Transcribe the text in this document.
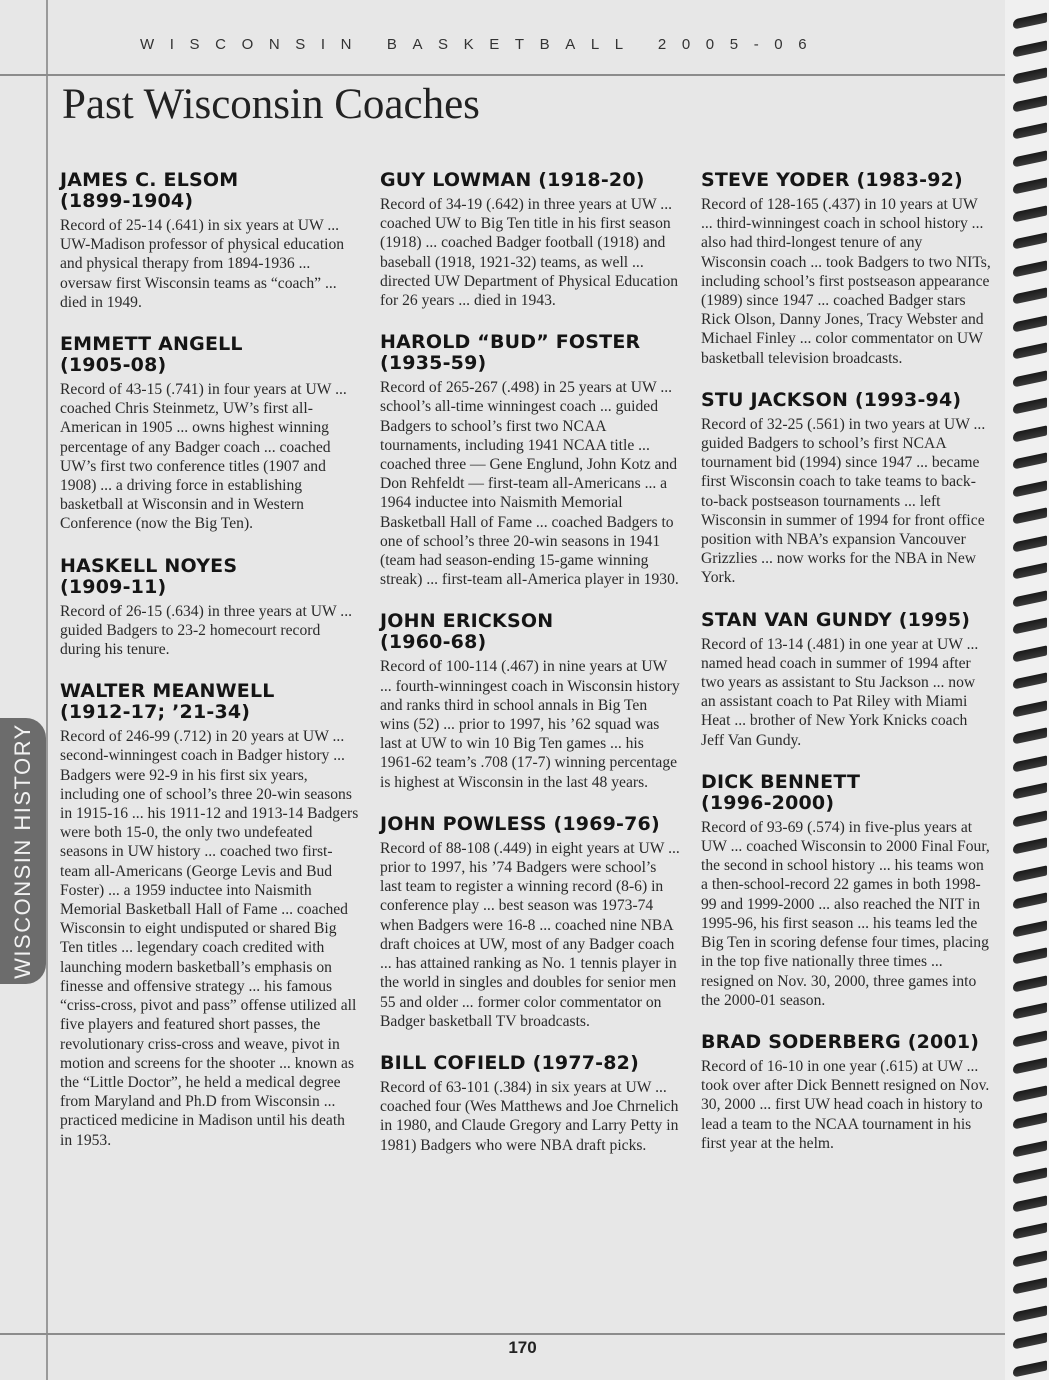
WISCONSIN BASKETBALL 2005-06
Past Wisconsin Coaches
JAMES C. ELSOM
(1899-1904)

Record of 25-14 (.641) in six years at UW ... UW-Madison professor of physical education and physical therapy from 1894-1936 ... oversaw first Wisconsin teams as “coach” ... died in 1949.

EMMETT ANGELL
(1905-08)

Record of 43-15 (.741) in four years at UW ... coached Chris Steinmetz, UW’s first all-American in 1905 ... owns highest winning percentage of any Badger coach ... coached UW’s first two conference titles (1907 and 1908) ... a driving force in establishing basketball at Wisconsin and in Western Conference (now the Big Ten).

HASKELL NOYES
(1909-11)

Record of 26-15 (.634) in three years at UW ... guided Badgers to 23-2 homecourt record during his tenure.

WALTER MEANWELL
(1912-17; ’21-34)

Record of 246-99 (.712) in 20 years at UW ... second-winningest coach in Badger history ... Badgers were 92-9 in his first six years, including one of school’s three 20-win seasons in 1915-16 ... his 1911-12 and 1913-14 Badgers were both 15-0, the only two undefeated seasons in UW history ... coached two first-team all-Americans (George Levis and Bud Foster) ... a 1959 inductee into Naismith Memorial Basketball Hall of Fame ... coached Wisconsin to eight undisputed or shared Big Ten titles ... legendary coach credited with launching modern basketball’s emphasis on finesse and offensive strategy ... his famous “criss-cross, pivot and pass” offense utilized all five players and featured short passes, the revolutionary criss-cross and weave, pivot in motion and screens for the shooter ... known as the “Little Doctor”, he held a medical degree from Maryland and Ph.D from Wisconsin ... practiced medicine in Madison until his death in 1953.

GUY LOWMAN (1918-20)

Record of 34-19 (.642) in three years at UW ... coached UW to Big Ten title in his first season (1918) ... coached Badger football (1918) and baseball (1918, 1921-32) teams, as well ... directed UW Department of Physical Education for 26 years ... died in 1943.

HAROLD “BUD” FOSTER
(1935-59)

Record of 265-267 (.498) in 25 years at UW ... school’s all-time winningest coach ... guided Badgers to school’s first two NCAA tournaments, including 1941 NCAA title ... coached three — Gene Englund, John Kotz and Don Rehfeldt — first-team all-Americans ... a 1964 inductee into Naismith Memorial Basketball Hall of Fame ... coached Badgers to one of school’s three 20-win seasons in 1941 (team had season-ending 15-game winning streak) ... first-team all-America player in 1930.

JOHN ERICKSON
(1960-68)

Record of 100-114 (.467) in nine years at UW ... fourth-winningest coach in Wisconsin history and ranks third in school annals in Big Ten wins (52) ... prior to 1997, his ’62 squad was last at UW to win 10 Big Ten games ... his 1961-62 team’s .708 (17-7) winning percentage is highest at Wisconsin in the last 48 years.

JOHN POWLESS (1969-76)

Record of 88-108 (.449) in eight years at UW ... prior to 1997, his ’74 Badgers were school’s last team to register a winning record (8-6) in conference play ... best season was 1973-74 when Badgers were 16-8 ... coached nine NBA draft choices at UW, most of any Badger coach ... has attained ranking as No. 1 tennis player in the world in singles and doubles for senior men 55 and older ... former color commentator on Badger basketball TV broadcasts.

BILL COFIELD (1977-82)

Record of 63-101 (.384) in six years at UW ... coached four (Wes Matthews and Joe Chrnelich in 1980, and Claude Gregory and Larry Petty in 1981) Badgers who were NBA draft picks.

STEVE YODER (1983-92)

Record of 128-165 (.437) in 10 years at UW ... third-winningest coach in school history ... also had third-longest tenure of any Wisconsin coach ... took Badgers to two NITs, including school’s first postseason appearance (1989) since 1947 ... coached Badger stars Rick Olson, Danny Jones, Tracy Webster and Michael Finley ... color commentator on UW basketball television broadcasts.

STU JACKSON (1993-94)

Record of 32-25 (.561) in two years at UW ... guided Badgers to school’s first NCAA tournament bid (1994) since 1947 ... became first Wisconsin coach to take teams to back-to-back postseason tournaments ... left Wisconsin in summer of 1994 for front office position with NBA’s expansion Vancouver Grizzlies ... now works for the NBA in New York.

STAN VAN GUNDY (1995)

Record of 13-14 (.481) in one year at UW ... named head coach in summer of 1994 after two years as assistant to Stu Jackson ... now an assistant coach to Pat Riley with Miami Heat ... brother of New York Knicks coach Jeff Van Gundy.

DICK BENNETT
(1996-2000)

Record of 93-69 (.574) in five-plus years at UW ... coached Wisconsin to 2000 Final Four, the second in school history ... his teams won a then-school-record 22 games in both 1998-99 and 1999-2000 ... also reached the NIT in 1995-96, his first season ... his teams led the Big Ten in scoring defense four times, placing in the top five nationally three times ... resigned on Nov. 30, 2000, three games into the 2000-01 season.

BRAD SODERBERG (2001)

Record of 16-10 in one year (.615) at UW ... took over after Dick Bennett resigned on Nov. 30, 2000 ... first UW head coach in history to lead a team to the NCAA tournament in his first year at the helm.

WISCONSIN HISTORY
170
